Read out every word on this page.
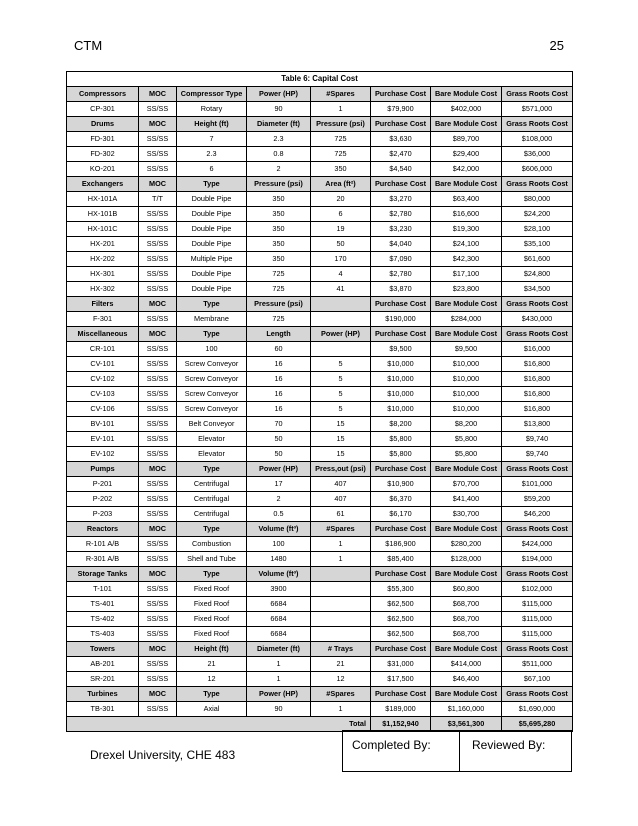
CTM	25
Table 6: Capital Cost							
Compressors	MOC	Compressor Type	Power (HP)	#Spares	Purchase Cost	Bare Module Cost	Grass Roots Cost
CP-301	SS/SS	Rotary	90	1	$79,900	$402,000	$571,000
Drums	MOC	Height (ft)	Diameter (ft)	Pressure (psi)	Purchase Cost	Bare Module Cost	Grass Roots Cost
FD-301	SS/SS	7	2.3	725	$3,630	$89,700	$108,000
FD-302	SS/SS	2.3	0.8	725	$2,470	$29,400	$36,000
KO-201	SS/SS	6	2	350	$4,540	$42,000	$606,000
Exchangers	MOC	Type	Pressure (psi)	Area (ft²)	Purchase Cost	Bare Module Cost	Grass Roots Cost
HX-101A	T/T	Double Pipe	350	20	$3,270	$63,400	$80,000
HX-101B	SS/SS	Double Pipe	350	6	$2,780	$16,600	$24,200
HX-101C	SS/SS	Double Pipe	350	19	$3,230	$19,300	$28,100
HX-201	SS/SS	Double Pipe	350	50	$4,040	$24,100	$35,100
HX-202	SS/SS	Multiple Pipe	350	170	$7,090	$42,300	$61,600
HX-301	SS/SS	Double Pipe	725	4	$2,780	$17,100	$24,800
HX-302	SS/SS	Double Pipe	725	41	$3,870	$23,800	$34,500
Filters	MOC	Type	Pressure (psi)		Purchase Cost	Bare Module Cost	Grass Roots Cost
F-301	SS/SS	Membrane	725		$190,000	$284,000	$430,000
Miscellaneous	MOC	Type	Length	Power (HP)	Purchase Cost	Bare Module Cost	Grass Roots Cost
CR-101	SS/SS	100	60		$9,500	$9,500	$16,000
CV-101	SS/SS	Screw Conveyor	16	5	$10,000	$10,000	$16,800
CV-102	SS/SS	Screw Conveyor	16	5	$10,000	$10,000	$16,800
CV-103	SS/SS	Screw Conveyor	16	5	$10,000	$10,000	$16,800
CV-106	SS/SS	Screw Conveyor	16	5	$10,000	$10,000	$16,800
BV-101	SS/SS	Belt Conveyor	70	15	$8,200	$8,200	$13,800
EV-101	SS/SS	Elevator	50	15	$5,800	$5,800	$9,740
EV-102	SS/SS	Elevator	50	15	$5,800	$5,800	$9,740
Pumps	MOC	Type	Power (HP)	Press,out (psi)	Purchase Cost	Bare Module Cost	Grass Roots Cost
P-201	SS/SS	Centrifugal	17	407	$10,900	$70,700	$101,000
P-202	SS/SS	Centrifugal	2	407	$6,370	$41,400	$59,200
P-203	SS/SS	Centrifugal	0.5	61	$6,170	$30,700	$46,200
Reactors	MOC	Type	Volume (ft³)	#Spares	Purchase Cost	Bare Module Cost	Grass Roots Cost
R-101 A/B	SS/SS	Combustion	100	1	$186,900	$280,200	$424,000
R-301 A/B	SS/SS	Shell and Tube	1480	1	$85,400	$128,000	$194,000
Storage Tanks	MOC	Type	Volume (ft³)		Purchase Cost	Bare Module Cost	Grass Roots Cost
T-101	SS/SS	Fixed Roof	3900		$55,300	$60,800	$102,000
TS-401	SS/SS	Fixed Roof	6684		$62,500	$68,700	$115,000
TS-402	SS/SS	Fixed Roof	6684		$62,500	$68,700	$115,000
TS-403	SS/SS	Fixed Roof	6684		$62,500	$68,700	$115,000
Towers	MOC	Height (ft)	Diameter (ft)	# Trays	Purchase Cost	Bare Module Cost	Grass Roots Cost
AB-201	SS/SS	21	1	21	$31,000	$414,000	$511,000
SR-201	SS/SS	12	1	12	$17,500	$46,400	$67,100
Turbines	MOC	Type	Power (HP)	#Spares	Purchase Cost	Bare Module Cost	Grass Roots Cost
TB-301	SS/SS	Axial	90	1	$189,000	$1,160,000	$1,690,000
Total					$1,152,940	$3,561,300	$5,695,280
Drexel University, CHE 483
Completed By:	Reviewed By:
